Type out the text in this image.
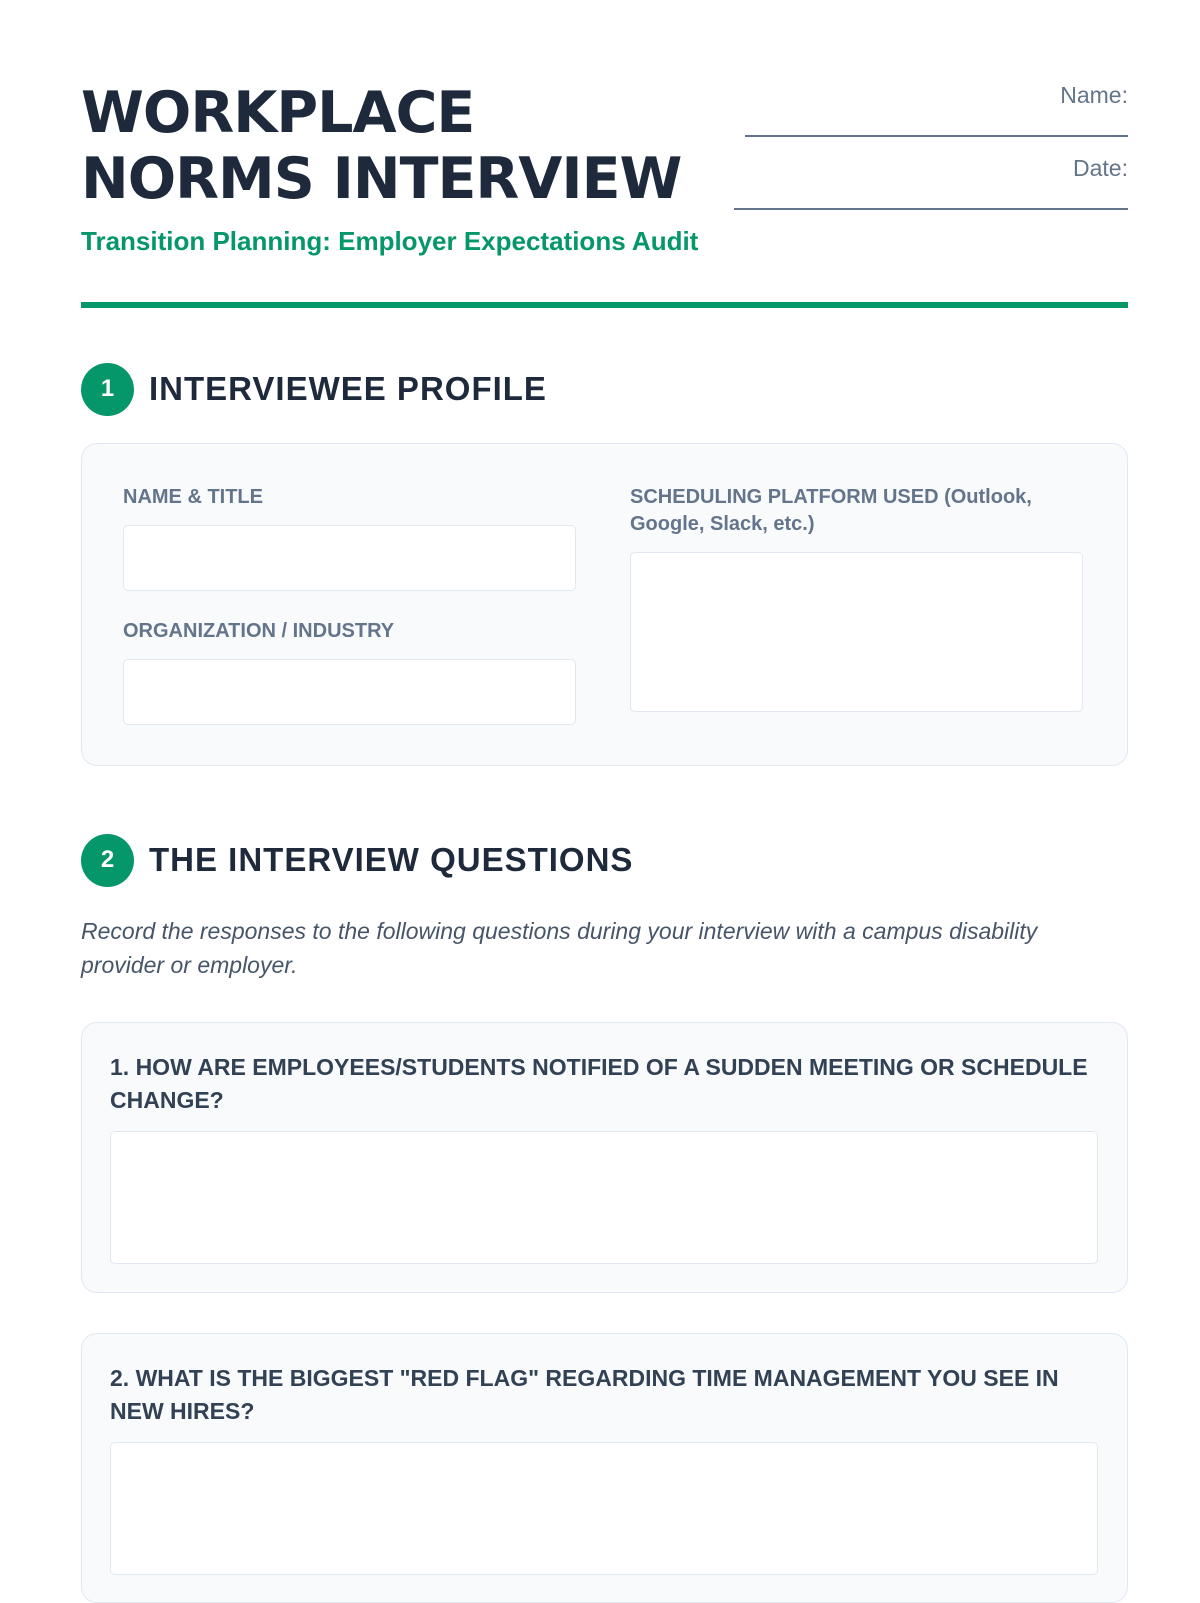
WORKPLACE
NORMS INTERVIEW
Transition Planning: Employer Expectations Audit
Name:
Date:
1	INTERVIEWEE PROFILE
NAME & TITLE
ORGANIZATION / INDUSTRY
SCHEDULING PLATFORM USED (Outlook, Google, Slack, etc.)
2	THE INTERVIEW QUESTIONS
Record the responses to the following questions during your interview with a campus disability provider or employer.
1. HOW ARE EMPLOYEES/STUDENTS NOTIFIED OF A SUDDEN MEETING OR SCHEDULE CHANGE?
2. WHAT IS THE BIGGEST "RED FLAG" REGARDING TIME MANAGEMENT YOU SEE IN NEW HIRES?
